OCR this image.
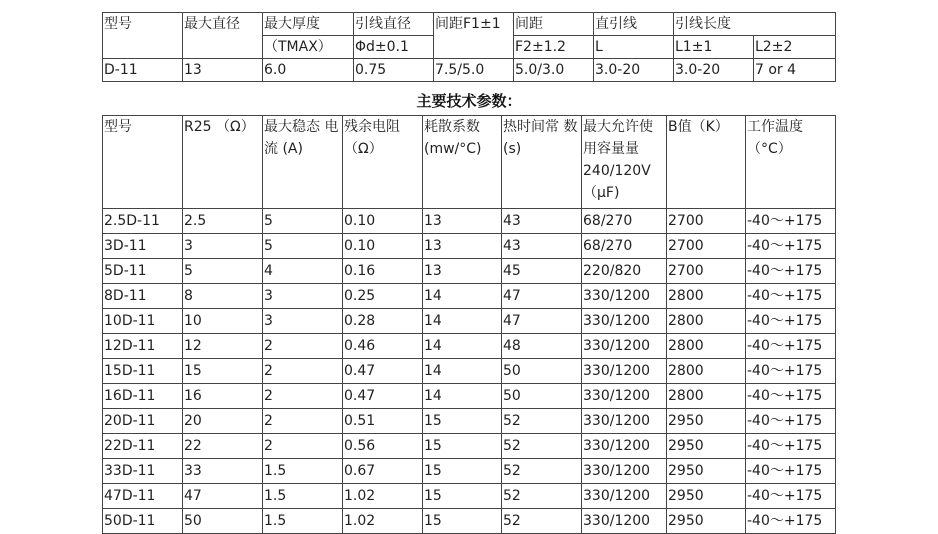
型号	最大直径	最大厚度	引线直径	间距F1±1	间距	直引线	引线长度	
		（TMAX）	Φd±0.1		F2±1.2	L	L1±1	L2±2
D-11	13	6.0	0.75	7.5/5.0	5.0/3.0	3.0-20	3.0-20	7 or 4
主要技术参数：
型号	R25 （Ω）	最大稳态 电流 (A)	残余电阻 （Ω）	耗散系数 (mw/°C)	热时间常 数 (s)	最大允许使 用容量量 240/120V （μF)	B值（K）	工作温度 （°C）
2.5D-11	2.5	5	0.10	13	43	68/270	2700	-40～+175
3D-11	3	5	0.10	13	43	68/270	2700	-40～+175
5D-11	5	4	0.16	13	45	220/820	2700	-40～+175
8D-11	8	3	0.25	14	47	330/1200	2800	-40～+175
10D-11	10	3	0.28	14	47	330/1200	2800	-40～+175
12D-11	12	2	0.46	14	48	330/1200	2800	-40～+175
15D-11	15	2	0.47	14	50	330/1200	2800	-40～+175
16D-11	16	2	0.47	14	50	330/1200	2800	-40～+175
20D-11	20	2	0.51	15	52	330/1200	2950	-40～+175
22D-11	22	2	0.56	15	52	330/1200	2950	-40～+175
33D-11	33	1.5	0.67	15	52	330/1200	2950	-40～+175
47D-11	47	1.5	1.02	15	52	330/1200	2950	-40～+175
50D-11	50	1.5	1.02	15	52	330/1200	2950	-40～+175
